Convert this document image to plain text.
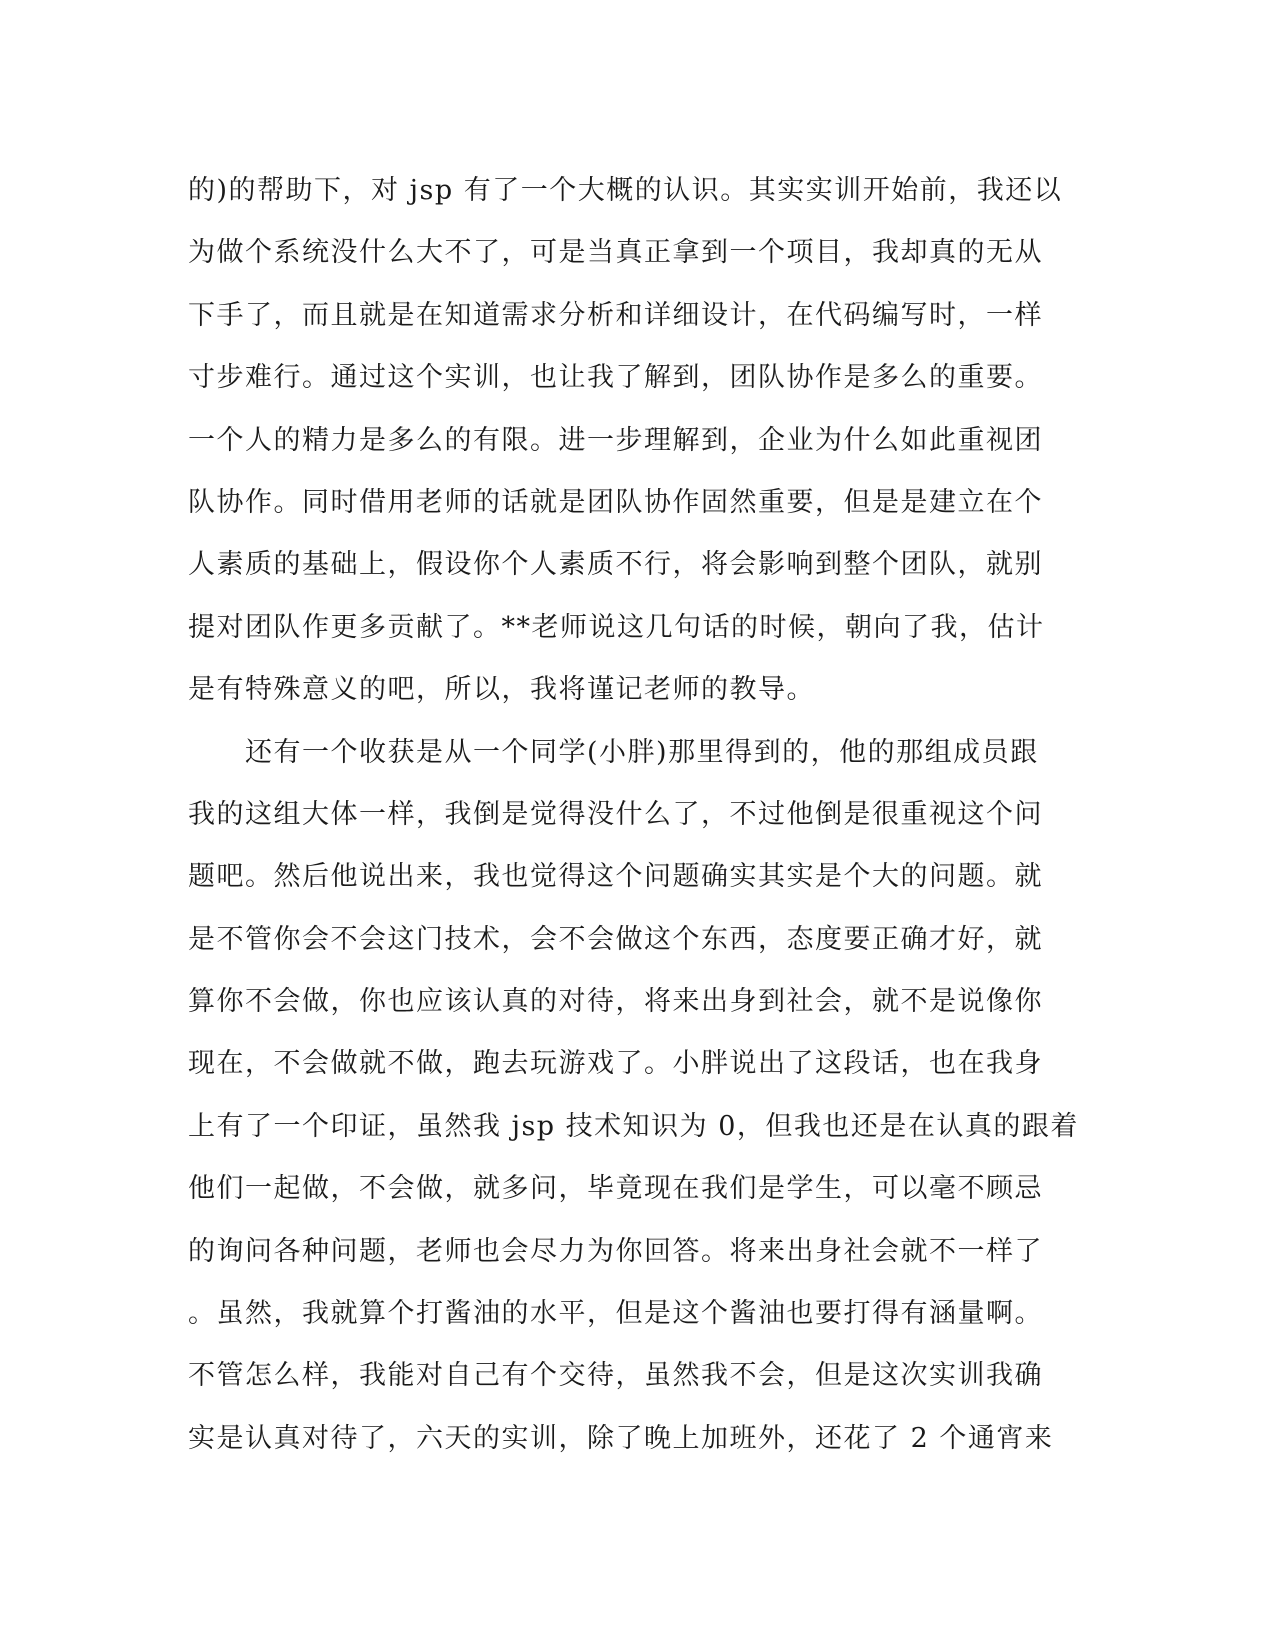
的)的帮助下，对 jsp 有了一个大概的认识。其实实训开始前，我还以
为做个系统没什么大不了，可是当真正拿到一个项目，我却真的无从
下手了，而且就是在知道需求分析和详细设计，在代码编写时，一样
寸步难行。通过这个实训，也让我了解到，团队协作是多么的重要。
一个人的精力是多么的有限。进一步理解到，企业为什么如此重视团
队协作。同时借用老师的话就是团队协作固然重要，但是是建立在个
人素质的基础上，假设你个人素质不行，将会影响到整个团队，就别
提对团队作更多贡献了。**老师说这几句话的时候，朝向了我，估计
是有特殊意义的吧，所以，我将谨记老师的教导。
　　还有一个收获是从一个同学(小胖)那里得到的，他的那组成员跟
我的这组大体一样，我倒是觉得没什么了，不过他倒是很重视这个问
题吧。然后他说出来，我也觉得这个问题确实其实是个大的问题。就
是不管你会不会这门技术，会不会做这个东西，态度要正确才好，就
算你不会做，你也应该认真的对待，将来出身到社会，就不是说像你
现在，不会做就不做，跑去玩游戏了。小胖说出了这段话，也在我身
上有了一个印证，虽然我 jsp 技术知识为 0，但我也还是在认真的跟着
他们一起做，不会做，就多问，毕竟现在我们是学生，可以毫不顾忌
的询问各种问题，老师也会尽力为你回答。将来出身社会就不一样了
。虽然，我就算个打酱油的水平，但是这个酱油也要打得有涵量啊。
不管怎么样，我能对自己有个交待，虽然我不会，但是这次实训我确
实是认真对待了，六天的实训，除了晚上加班外，还花了 2 个通宵来
